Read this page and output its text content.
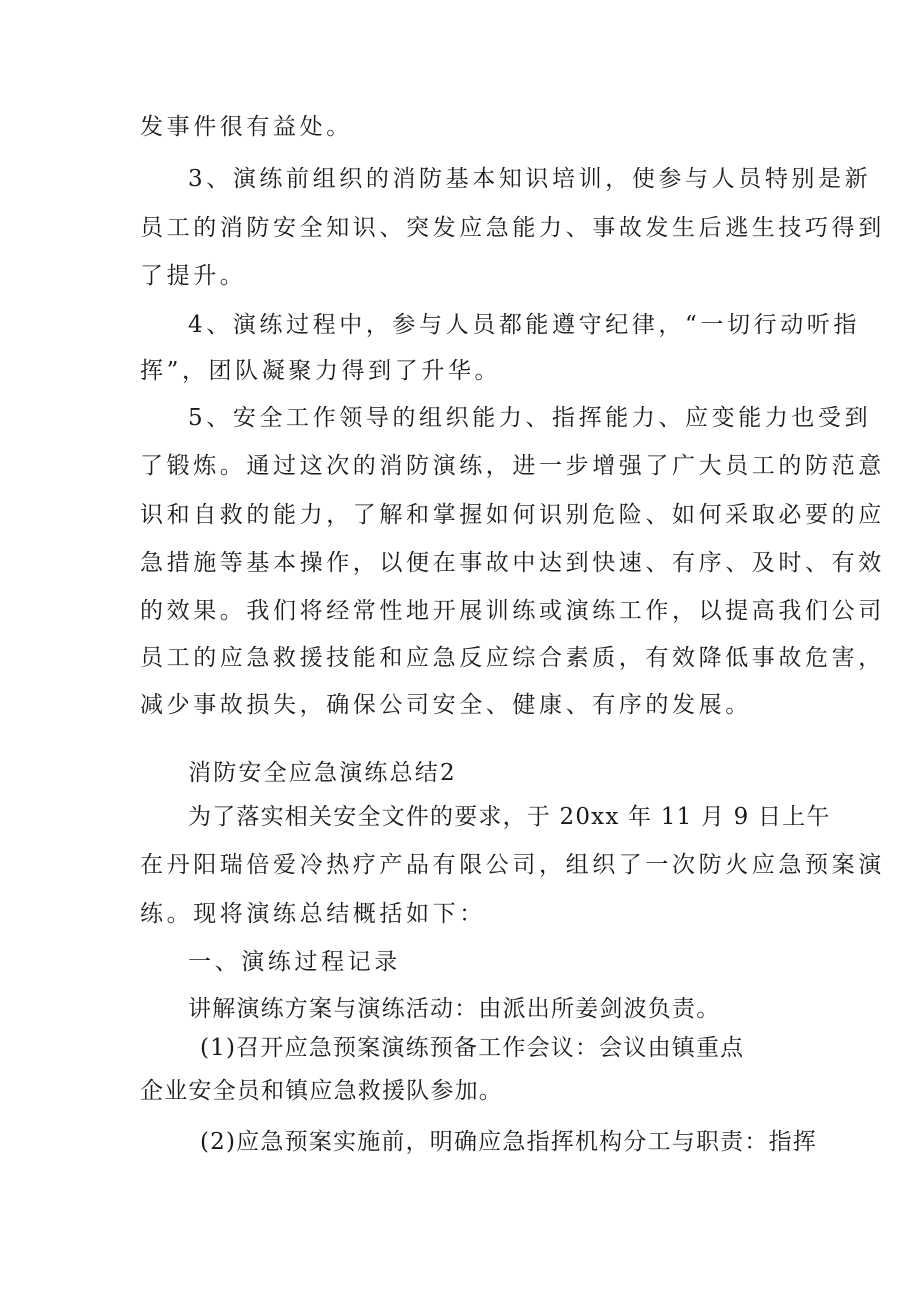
发事件很有益处。
3、演练前组织的消防基本知识培训，使参与人员特别是新
员工的消防安全知识、突发应急能力、事故发生后逃生技巧得到
了提升。
4、演练过程中，参与人员都能遵守纪律，“一切行动听指
挥”，团队凝聚力得到了升华。
5、安全工作领导的组织能力、指挥能力、应变能力也受到
了锻炼。通过这次的消防演练，进一步增强了广大员工的防范意
识和自救的能力，了解和掌握如何识别危险、如何采取必要的应
急措施等基本操作，以便在事故中达到快速、有序、及时、有效
的效果。我们将经常性地开展训练或演练工作，以提高我们公司
员工的应急救援技能和应急反应综合素质，有效降低事故危害，
减少事故损失，确保公司安全、健康、有序的发展。
消防安全应急演练总结2
为了落实相关安全文件的要求，于 20xx 年 11 月 9 日上午
在丹阳瑞倍爱冷热疗产品有限公司，组织了一次防火应急预案演
练。现将演练总结概括如下：
一、演练过程记录
讲解演练方案与演练活动：由派出所姜剑波负责。
(1)召开应急预案演练预备工作会议：会议由镇重点
企业安全员和镇应急救援队参加。
(2)应急预案实施前，明确应急指挥机构分工与职责：指挥
